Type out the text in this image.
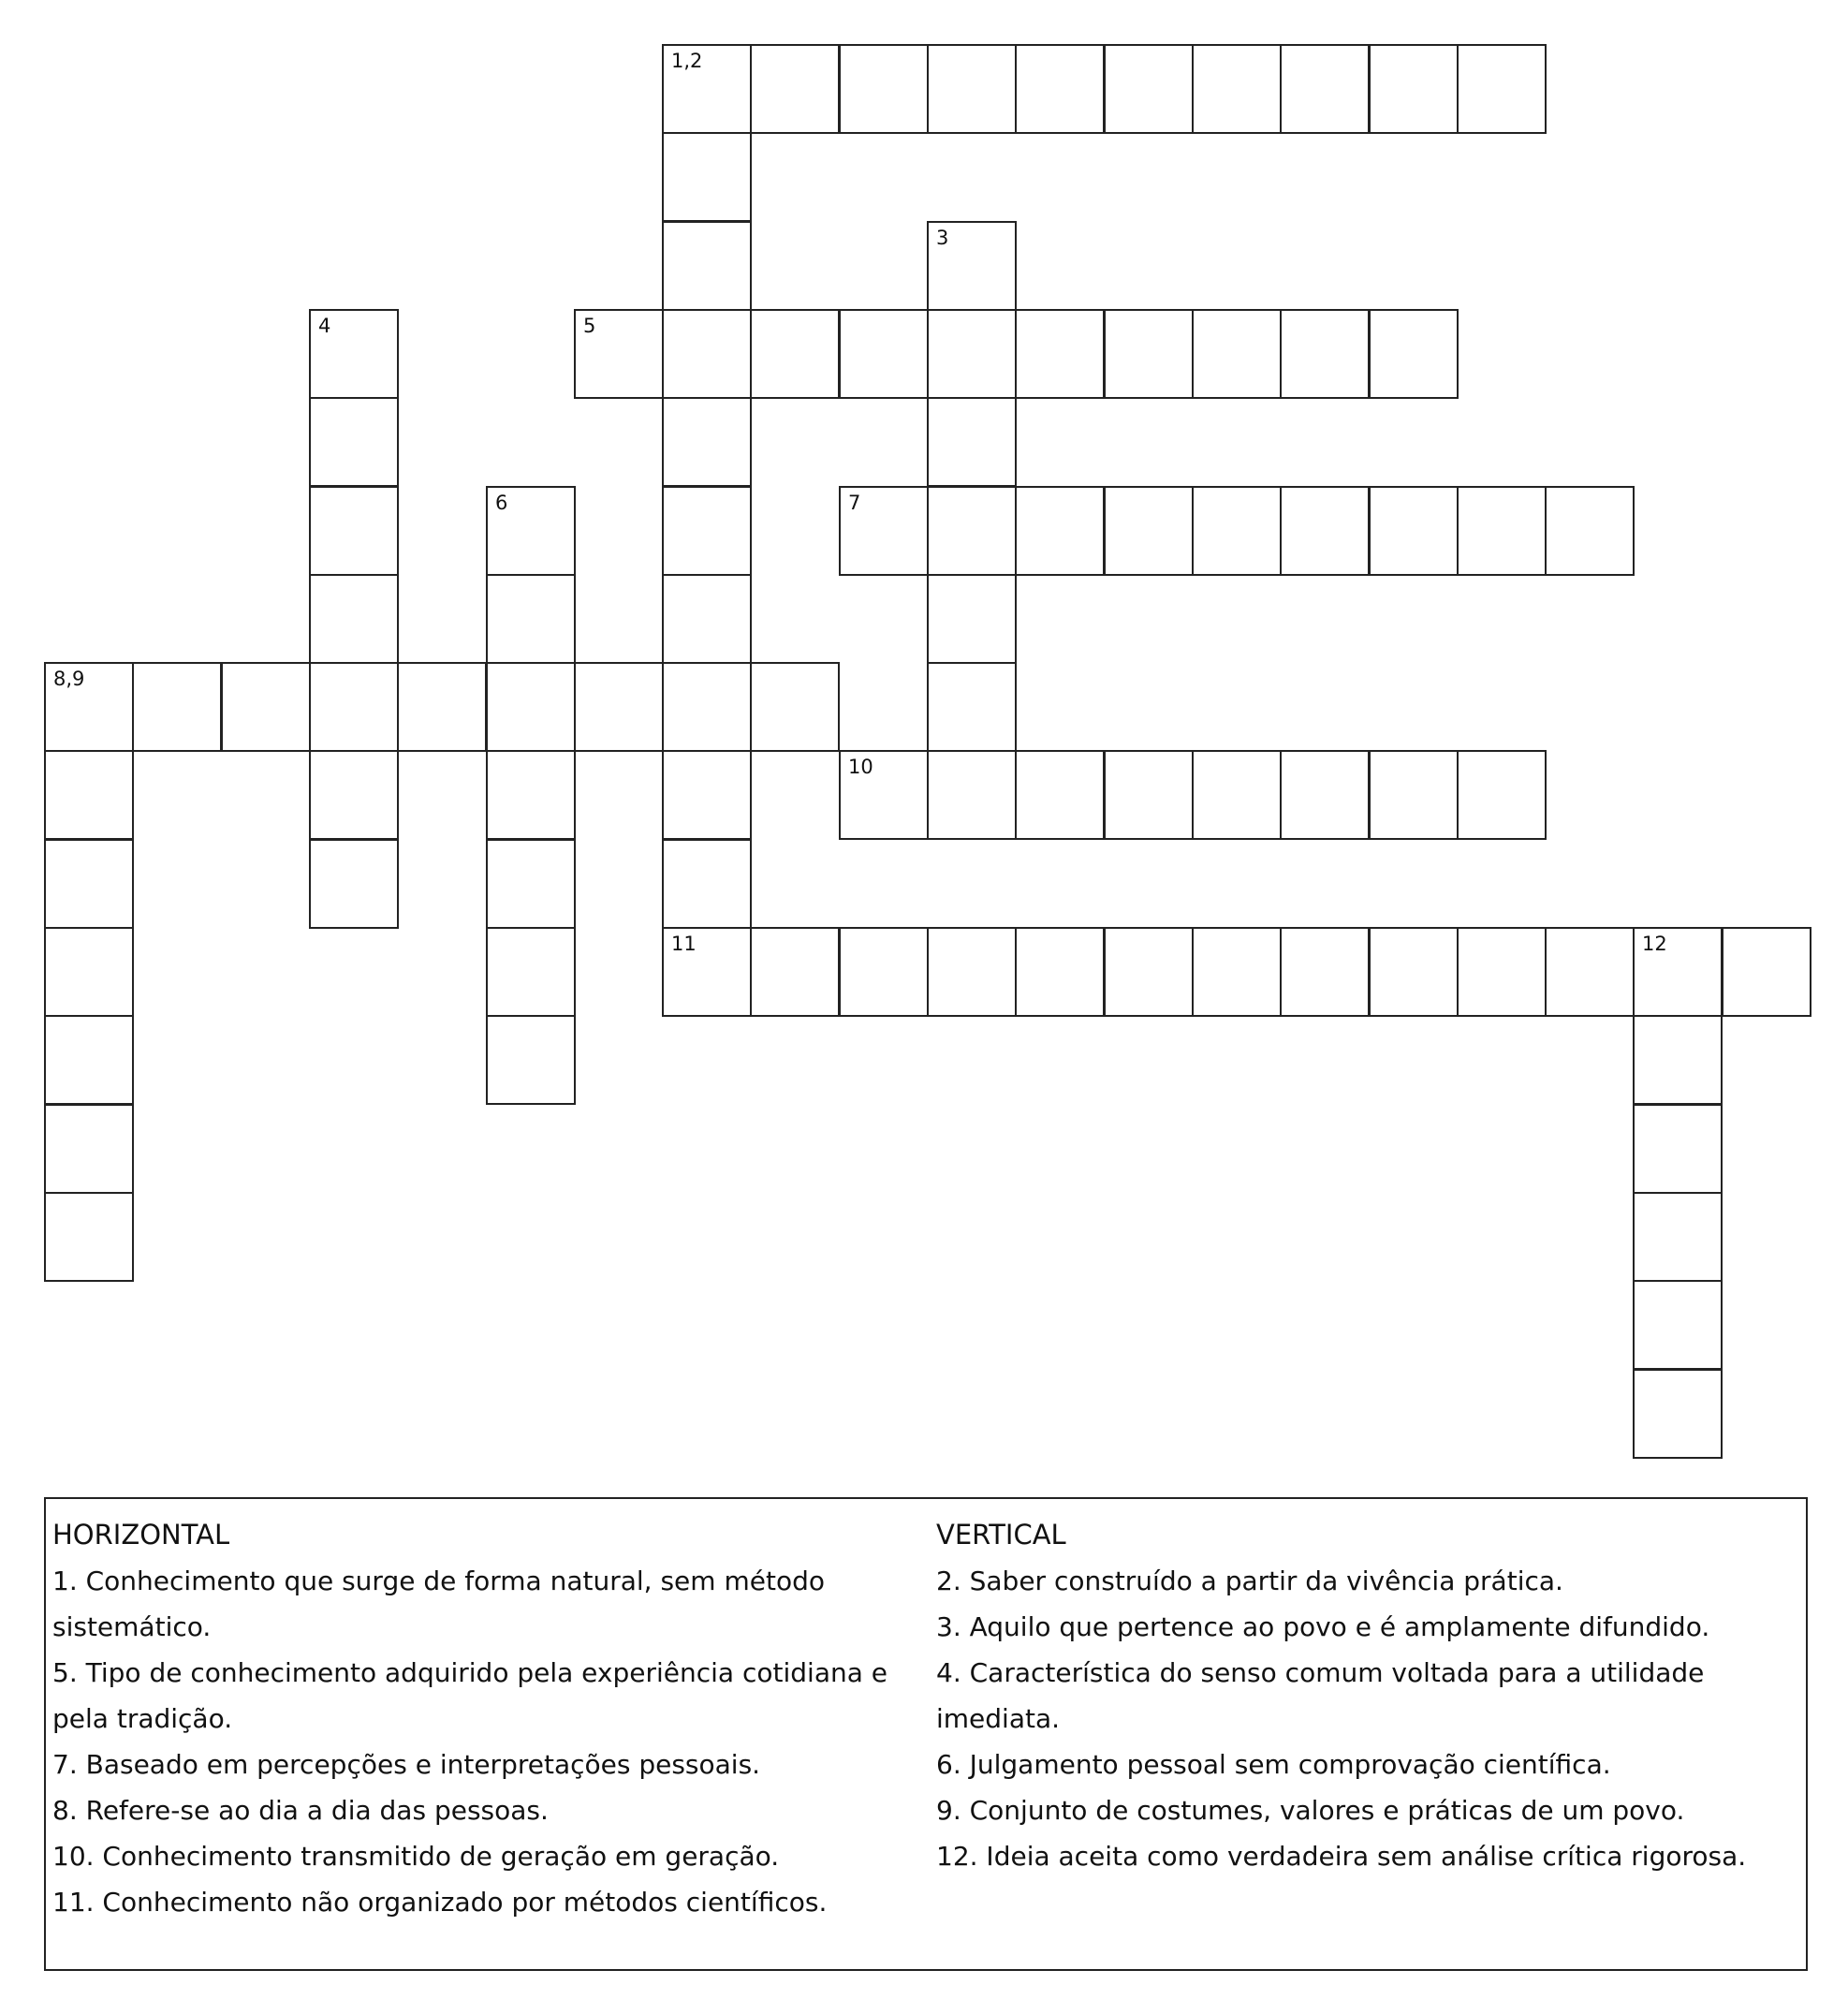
1,2
3
4	5
6	7
8,9
10
11	12
HORIZONTAL
1. Conhecimento que surge de forma natural, sem método sistemático.
5. Tipo de conhecimento adquirido pela experiência cotidiana e pela tradição.
7. Baseado em percepções e interpretações pessoais.
8. Refere-se ao dia a dia das pessoas.
10. Conhecimento transmitido de geração em geração.
11. Conhecimento não organizado por métodos científicos.
VERTICAL
2. Saber construído a partir da vivência prática.
3. Aquilo que pertence ao povo e é amplamente difundido.
4. Característica do senso comum voltada para a utilidade imediata.
6. Julgamento pessoal sem comprovação científica.
9. Conjunto de costumes, valores e práticas de um povo.
12. Ideia aceita como verdadeira sem análise crítica rigorosa.
